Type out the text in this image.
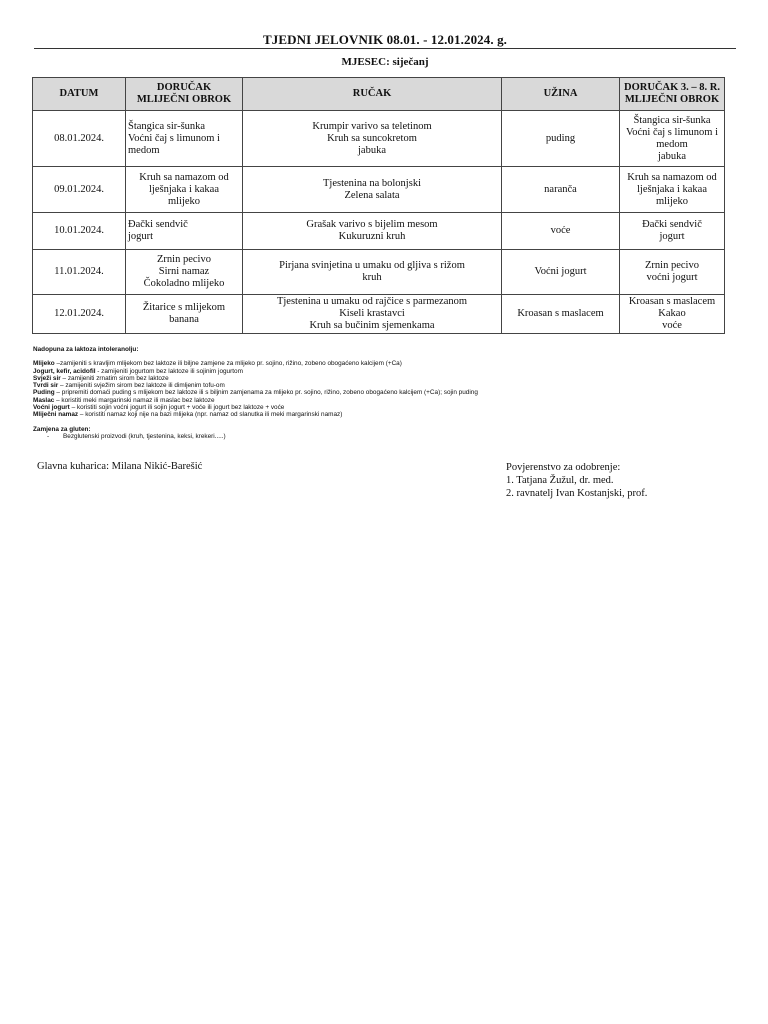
TJEDNI JELOVNIK 08.01. - 12.01.2024. g.
MJESEC: siječanj
DATUM	DORUČAK
MLIJEČNI OBROK	RUČAK	UŽINA	DORUČAK 3. – 8. R.
MLIJEČNI OBROK

08.01.2024.	Štangica sir-šunka
Voćni čaj s limunom i
medom	Krumpir varivo sa teletinom
Kruh sa suncokretom
jabuka	puding	Štangica sir-šunka
Voćni čaj s limunom i
medom
jabuka

09.01.2024.	Kruh sa namazom od
lješnjaka i kakaa
mlijeko	Tjestenina na bolonjski
Zelena salata	naranča	Kruh sa namazom od
lješnjaka i kakaa
mlijeko

10.01.2024.	Đački sendvič
jogurt	Grašak varivo s bijelim mesom
Kukuruzni kruh	voće	Đački sendvič
jogurt

11.01.2024.	Zrnin pecivo
Sirni namaz
Čokoladno mlijeko	Pirjana svinjetina u umaku od gljiva s rižom
kruh	Voćni jogurt	Zrnin pecivo
voćni jogurt

12.01.2024.	Žitarice s mlijekom
banana	Tjestenina u umaku od rajčice s parmezanom
Kiseli krastavci
Kruh sa bučinim sjemenkama	Kroasan s maslacem	Kroasan s maslacem
Kakao
voće
Nadopuna za laktoza intoleranolju:
Mlijeko –zamijeniti s kravljim mlijekom bez laktoze ili biljne zamjene za mlijeko pr. sojino, rižino, zobeno obogaćeno kalcijem (+Ca)
Jogurt, kefir, acidofil - zamijeniti jogurtom bez laktoze ili sojinim jogurtom
Svježi sir – zamijeniti zrnatim sirom bez laktoze
Tvrdi sir – zamijeniti svježim sirom bez laktoze ili dimljenim tofu-om
Puding – pripremiti domaći puding s mlijekom bez laktoze ili s biljnim zamjenama za mlijeko pr. sojino, rižino, zobeno obogaćeno kalcijem (+Ca); sojin puding
Maslac – koristiti meki margarinski namaz ili maslac bez laktoze
Voćni jogurt – koristiti sojin voćni jogurt ili sojin jogurt + voće ili jogurt bez laktoze + voće
Mliječni namaz – koristiti namaz koji nije na bazi mlijeka (npr. namaz od slanutka ili meki margarinski namaz)
Zamjena za gluten:
- Bezglutenski proizvodi (kruh, tjestenina, keksi, krekeri.....)
Glavna kuharica: Milana Nikić-Barešić	Povjerenstvo za odobrenje:
1. Tatjana Žužul, dr. med.
2. ravnatelj Ivan Kostanjski, prof.
